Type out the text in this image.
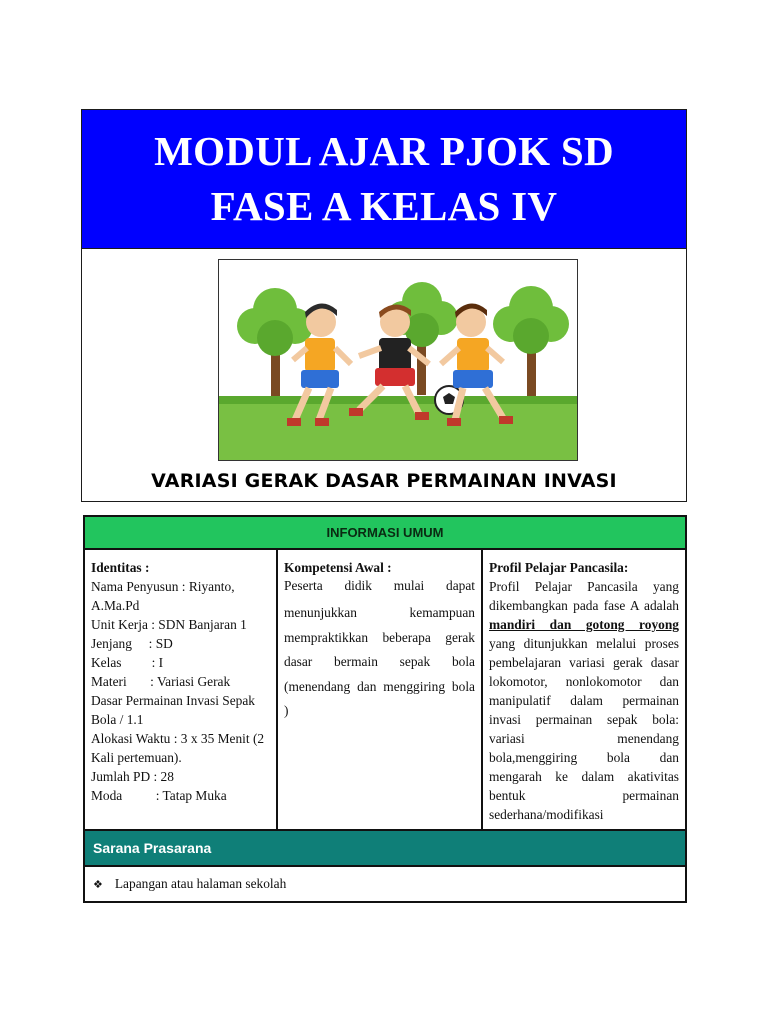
MODUL AJAR PJOK SD
FASE A KELAS IV
VARIASI GERAK DASAR PERMAINAN INVASI
INFORMASI UMUM
Identitas :
Nama Penyusun : Riyanto,
A.Ma.Pd
Unit Kerja : SDN Banjaran 1
Jenjang     : SD
Kelas         : I
Materi       : Variasi Gerak
Dasar Permainan Invasi Sepak
Bola / 1.1
Alokasi Waktu : 3 x 35 Menit (2
Kali pertemuan).
Jumlah PD : 28
Moda          : Tatap Muka
Kompetensi Awal :
Peserta didik mulai dapat
menunjukkan kemampuan
mempraktikkan beberapa gerak
dasar bermain sepak bola
(menendang dan menggiring bola
)
Profil Pelajar Pancasila:
Profil Pelajar Pancasila yang
dikembangkan pada fase A adalah
mandiri dan gotong royong
yang ditunjukkan melalui proses
pembelajaran variasi gerak dasar
lokomotor, nonlokomotor dan
manipulatif dalam permainan
invasi permainan sepak bola:
variasi menendang
bola,menggiring bola dan
mengarah ke dalam akativitas
bentuk permainan
sederhana/modifikasi
Sarana Prasarana
❖ Lapangan atau halaman sekolah
